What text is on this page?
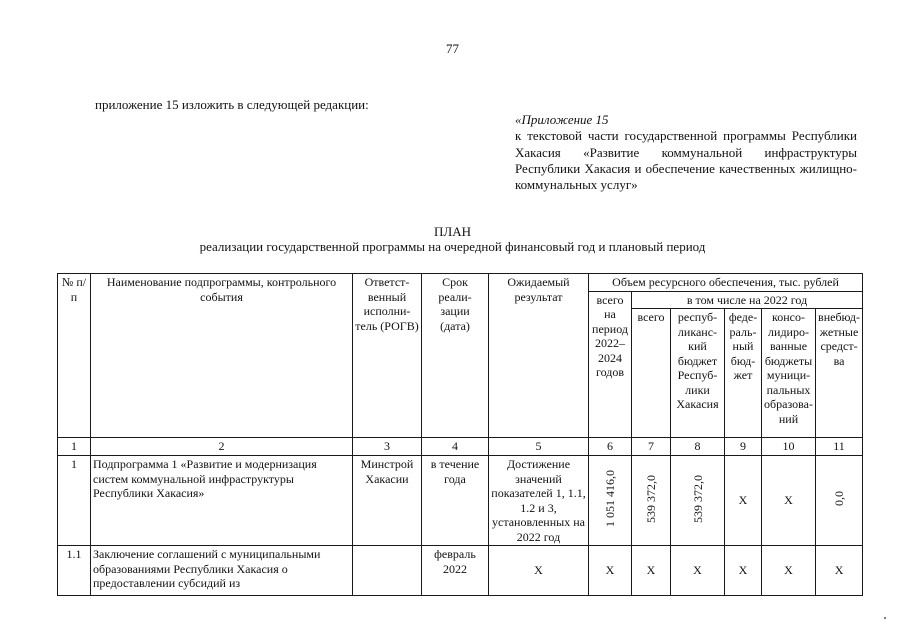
77
приложение 15 изложить в следующей редакции:
«Приложение 15
к текстовой части государственной программы Республики Хакасия «Развитие коммунальной инфраструктуры Республики Хакасия и обеспечение качественных жилищно-коммунальных услуг»
ПЛАН
реализации государственной программы на очередной финансовый год и плановый период
№ п/п	Наименование подпрограммы, контрольного события	Ответст-венный исполни-тель (РОГВ)	Срок реали-зации (дата)	Ожидаемый результат	Объем ресурсного обеспечения, тыс. рублей					
					всего на период 2022–2024 годов	в том числе на 2022 год				
						всего	респуб-ликанс-кий бюджет Респуб-лики Хакасия	феде-раль-ный бюд-жет	консо-лидиро-ванные бюджеты муници-пальных образова-ний	внебюд-жетные средст-ва
1	2	3	4	5	6	7	8	9	10	11
1	Подпрограмма 1 «Развитие и модернизация систем коммунальной инфраструктуры Республики Хакасия»	Минстрой Хакасии	в течение года	Достижение значений показателей 1, 1.1, 1.2 и 3, установленных на 2022 год	1 051 416,0	539 372,0	539 372,0	Х	Х	0,0
1.1	Заключение соглашений с муниципальными образованиями Республики Хакасия о предоставлении субсидий из		февраль 2022	Х	Х	Х	Х	Х	Х	Х
